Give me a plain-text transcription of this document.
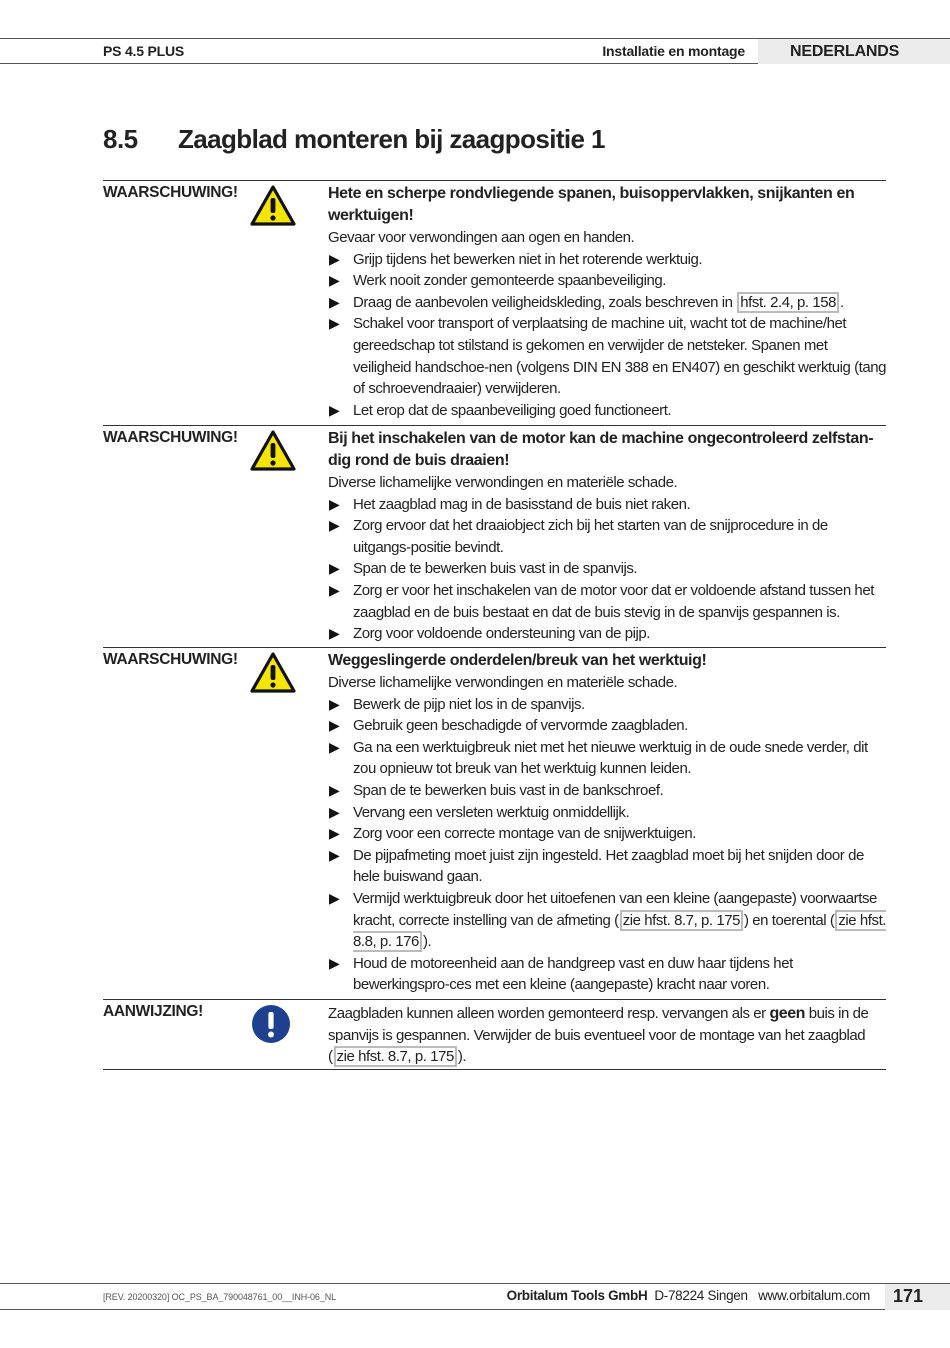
PS 4.5 PLUS	Installatie en montage	NEDERLANDS
8.5 Zaagblad monteren bij zaagpositie 1
WAARSCHUWING!	Hete en scherpe rondvliegende spanen, buisoppervlakken, snijkanten en werktuigen!
Gevaar voor verwondingen aan ogen en handen.
▶ Grijp tijdens het bewerken niet in het roterende werktuig.
▶ Werk nooit zonder gemonteerde spaanbeveiliging.
▶ Draag de aanbevolen veiligheidskleding, zoals beschreven in hfst. 2.4, p. 158 .
▶ Schakel voor transport of verplaatsing de machine uit, wacht tot de machine/het gereedschap tot stilstand is gekomen en verwijder de netsteker. Spanen met veiligheid handschoe-nen (volgens DIN EN 388 en EN407) en geschikt werktuig (tang of schroevendraaier) verwijderen.
▶ Let erop dat de spaanbeveiliging goed functioneert.
WAARSCHUWING!	Bij het inschakelen van de motor kan de machine ongecontroleerd zelfstan-dig rond de buis draaien!
Diverse lichamelijke verwondingen en materiële schade.
▶ Het zaagblad mag in de basisstand de buis niet raken.
▶ Zorg ervoor dat het draaiobject zich bij het starten van de snijprocedure in de uitgangs-positie bevindt.
▶ Span de te bewerken buis vast in de spanvijs.
▶ Zorg er voor het inschakelen van de motor voor dat er voldoende afstand tussen het zaagblad en de buis bestaat en dat de buis stevig in de spanvijs gespannen is.
▶ Zorg voor voldoende ondersteuning van de pijp.
WAARSCHUWING!	Weggeslingerde onderdelen/breuk van het werktuig!
Diverse lichamelijke verwondingen en materiële schade.
▶ Bewerk de pijp niet los in de spanvijs.
▶ Gebruik geen beschadigde of vervormde zaagbladen.
▶ Ga na een werktuigbreuk niet met het nieuwe werktuig in de oude snede verder, dit zou opnieuw tot breuk van het werktuig kunnen leiden.
▶ Span de te bewerken buis vast in de bankschroef.
▶ Vervang een versleten werktuig onmiddellijk.
▶ Zorg voor een correcte montage van de snijwerktuigen.
▶ De pijpafmeting moet juist zijn ingesteld. Het zaagblad moet bij het snijden door de hele buiswand gaan.
▶ Vermijd werktuigbreuk door het uitoefenen van een kleine (aangepaste) voorwaartse kracht, correcte instelling van de afmeting ( zie hfst. 8.7, p. 175 ) en toerental ( zie hfst. 8.8, p. 176 ).
▶ Houd de motoreenheid aan de handgreep vast en duw haar tijdens het bewerkingspro-ces met een kleine (aangepaste) kracht naar voren.
AANWIJZING!	Zaagbladen kunnen alleen worden gemonteerd resp. vervangen als er geen buis in de spanvijs is gespannen. Verwijder de buis eventueel voor de montage van het zaagblad ( zie hfst. 8.7, p. 175 ).
[REV. 20200320] OC_PS_BA_790048761_00__INH-06_NL	Orbitalum Tools GmbH D-78224 Singen www.orbitalum.com 171
